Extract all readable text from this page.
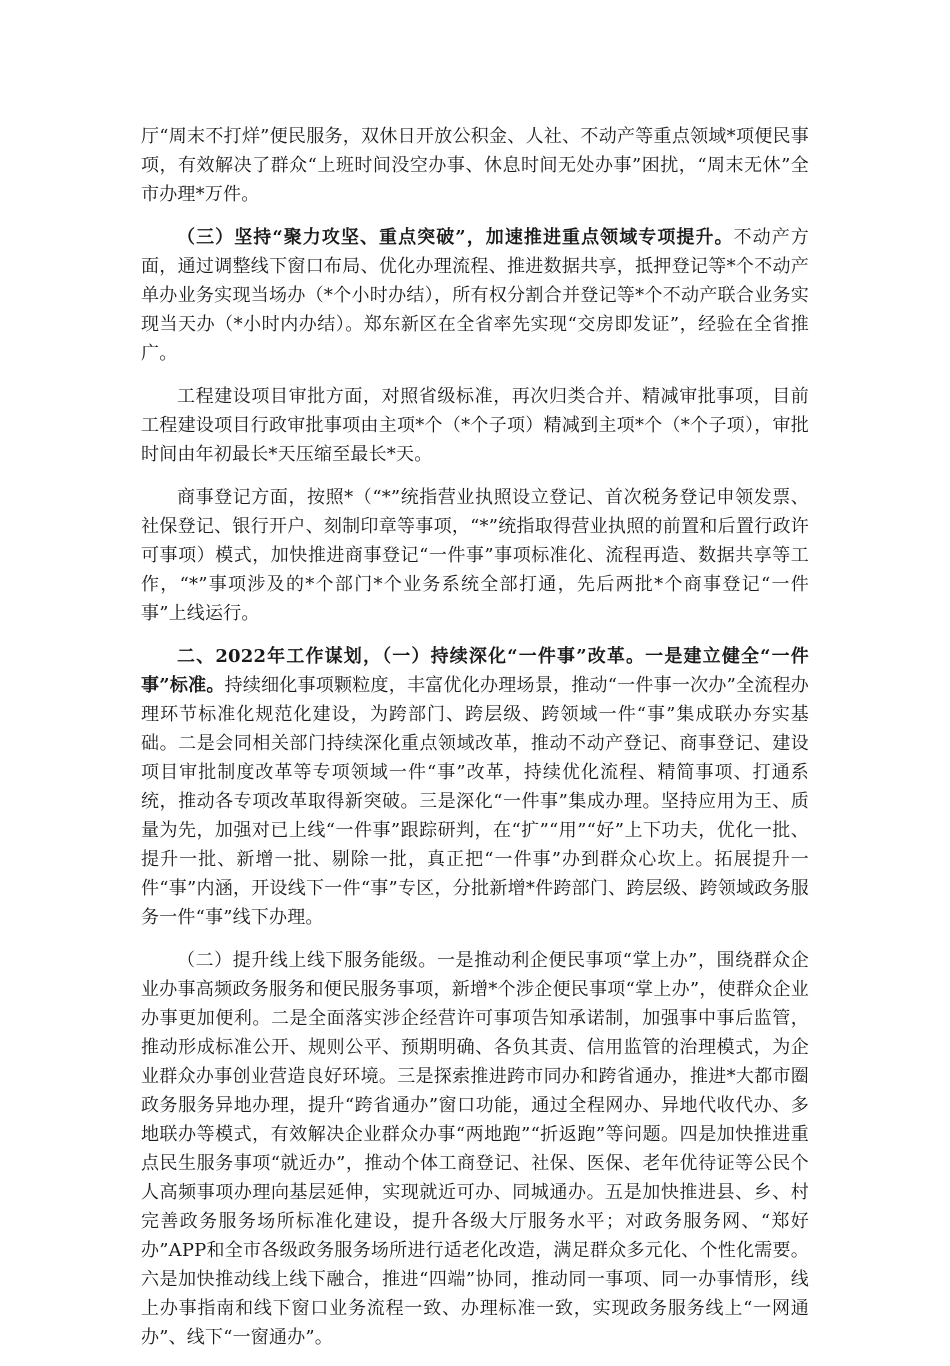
厅“周末不打烊”便民服务，双休日开放公积金、人社、不动产等重点领域*项便民事项，有效解决了群众“上班时间没空办事、休息时间无处办事”困扰，“周末无休”全市办理*万件。

（三）坚持“聚力攻坚、重点突破”，加速推进重点领域专项提升。不动产方面，通过调整线下窗口布局、优化办理流程、推进数据共享，抵押登记等*个不动产单办业务实现当场办（*个小时办结），所有权分割合并登记等*个不动产联合业务实现当天办（*小时内办结）。郑东新区在全省率先实现“交房即发证”，经验在全省推广。

工程建设项目审批方面，对照省级标准，再次归类合并、精减审批事项，目前工程建设项目行政审批事项由主项*个（*个子项）精减到主项*个（*个子项），审批时间由年初最长*天压缩至最长*天。

商事登记方面，按照*（“*”统指营业执照设立登记、首次税务登记申领发票、社保登记、银行开户、刻制印章等事项，“*”统指取得营业执照的前置和后置行政许可事项）模式，加快推进商事登记“一件事”事项标准化、流程再造、数据共享等工作，“*”事项涉及的*个部门*个业务系统全部打通，先后两批*个商事登记“一件事”上线运行。

二、2022年工作谋划，（一）持续深化“一件事”改革。一是建立健全“一件事”标准。持续细化事项颗粒度，丰富优化办理场景，推动“一件事一次办”全流程办理环节标准化规范化建设，为跨部门、跨层级、跨领域一件“事”集成联办夯实基础。二是会同相关部门持续深化重点领域改革，推动不动产登记、商事登记、建设项目审批制度改革等专项领域一件“事”改革，持续优化流程、精简事项、打通系统，推动各专项改革取得新突破。三是深化“一件事”集成办理。坚持应用为王、质量为先，加强对已上线“一件事”跟踪研判，在“扩”“用”“好”上下功夫，优化一批、提升一批、新增一批、剔除一批，真正把“一件事”办到群众心坎上。拓展提升一件“事”内涵，开设线下一件“事”专区，分批新增*件跨部门、跨层级、跨领域政务服务一件“事”线下办理。

（二）提升线上线下服务能级。一是推动利企便民事项“掌上办”，围绕群众企业办事高频政务服务和便民服务事项，新增*个涉企便民事项“掌上办”，使群众企业办事更加便利。二是全面落实涉企经营许可事项告知承诺制，加强事中事后监管，推动形成标准公开、规则公平、预期明确、各负其责、信用监管的治理模式，为企业群众办事创业营造良好环境。三是探索推进跨市同办和跨省通办，推进*大都市圈政务服务异地办理，提升“跨省通办”窗口功能，通过全程网办、异地代收代办、多地联办等模式，有效解决企业群众办事“两地跑”“折返跑”等问题。四是加快推进重点民生服务事项“就近办”，推动个体工商登记、社保、医保、老年优待证等公民个人高频事项办理向基层延伸，实现就近可办、同城通办。五是加快推进县、乡、村完善政务服务场所标准化建设，提升各级大厅服务水平；对政务服务网、“郑好办”APP和全市各级政务服务场所进行适老化改造，满足群众多元化、个性化需要。六是加快推动线上线下融合，推进“四端”协同，推动同一事项、同一办事情形，线上办事指南和线下窗口业务流程一致、办理标准一致，实现政务服务线上“一网通办”、线下“一窗通办”。
